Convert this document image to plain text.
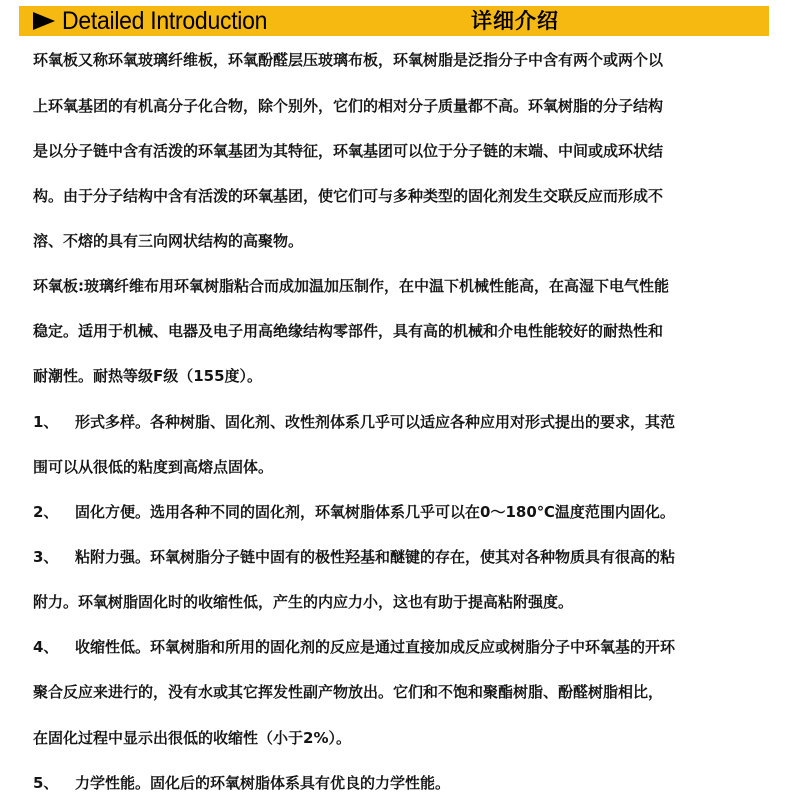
Detailed Introduction	详细介绍
环氧板又称环氧玻璃纤维板，环氧酚醛层压玻璃布板，环氧树脂是泛指分子中含有两个或两个以
上环氧基团的有机高分子化合物，除个别外，它们的相对分子质量都不高。环氧树脂的分子结构
是以分子链中含有活泼的环氧基团为其特征，环氧基团可以位于分子链的末端、中间或成环状结
构。由于分子结构中含有活泼的环氧基团，使它们可与多种类型的固化剂发生交联反应而形成不
溶、不熔的具有三向网状结构的高聚物。
环氧板:玻璃纤维布用环氧树脂粘合而成加温加压制作，在中温下机械性能高，在高湿下电气性能
稳定。适用于机械、电器及电子用高绝缘结构零部件，具有高的机械和介电性能较好的耐热性和
耐潮性。耐热等级F级（155度）。
1、 形式多样。各种树脂、固化剂、改性剂体系几乎可以适应各种应用对形式提出的要求，其范
围可以从很低的粘度到高熔点固体。
2、 固化方便。选用各种不同的固化剂，环氧树脂体系几乎可以在0～180℃温度范围内固化。
3、 粘附力强。环氧树脂分子链中固有的极性羟基和醚键的存在，使其对各种物质具有很高的粘
附力。环氧树脂固化时的收缩性低，产生的内应力小，这也有助于提高粘附强度。
4、 收缩性低。环氧树脂和所用的固化剂的反应是通过直接加成反应或树脂分子中环氧基的开环
聚合反应来进行的，没有水或其它挥发性副产物放出。它们和不饱和聚酯树脂、酚醛树脂相比，
在固化过程中显示出很低的收缩性（小于2%）。
5、 力学性能。固化后的环氧树脂体系具有优良的力学性能。
